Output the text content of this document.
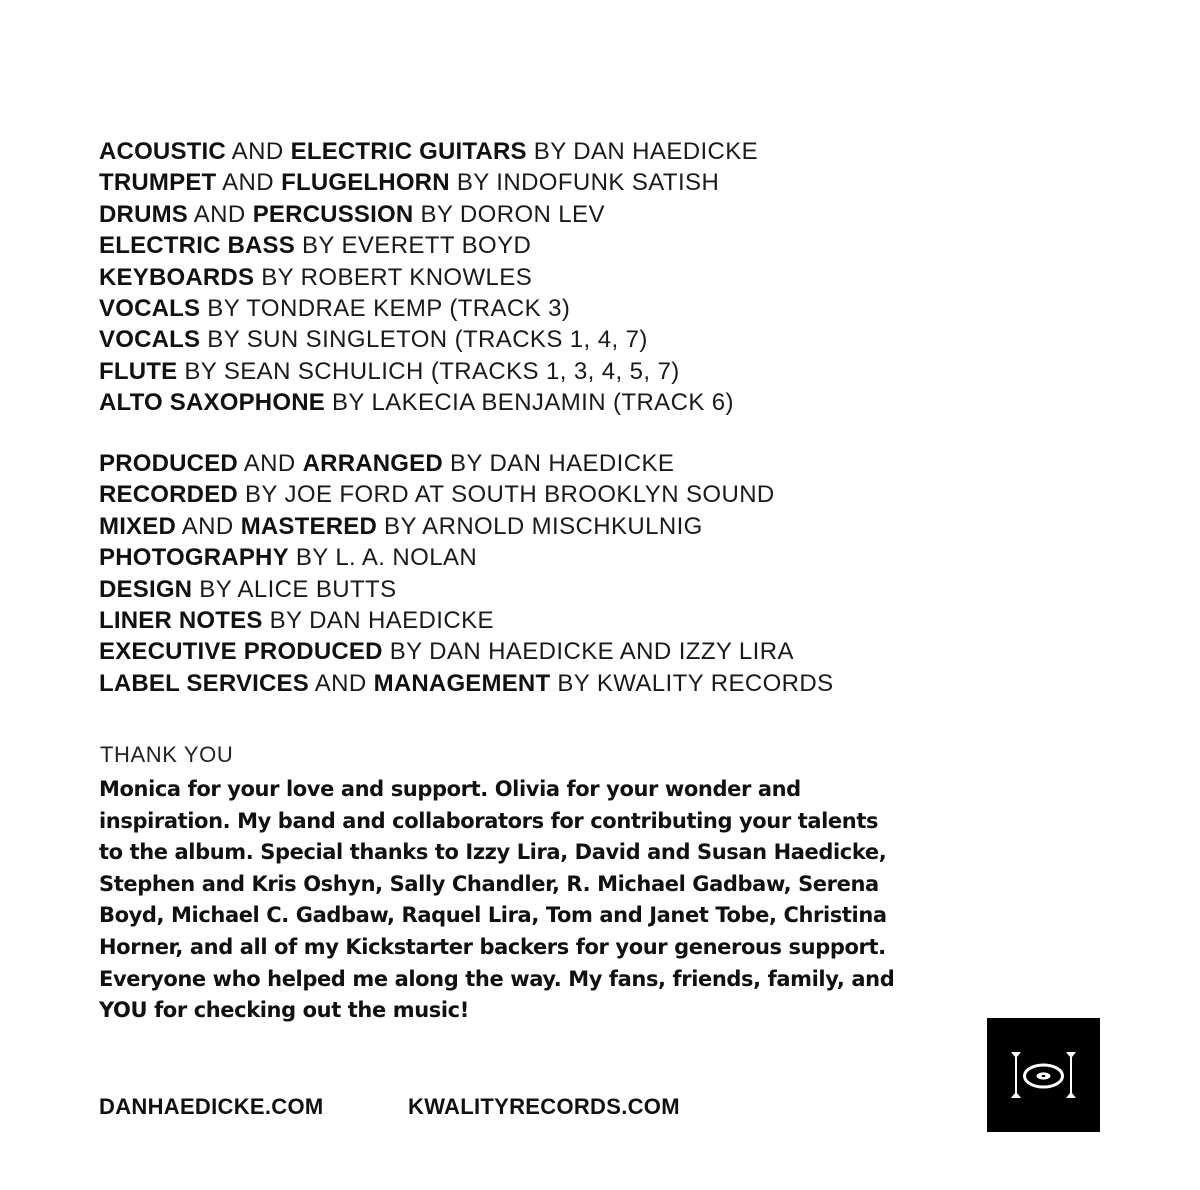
ACOUSTIC AND ELECTRIC GUITARS BY DAN HAEDICKE
TRUMPET AND FLUGELHORN BY INDOFUNK SATISH
DRUMS AND PERCUSSION BY DORON LEV
ELECTRIC BASS BY EVERETT BOYD
KEYBOARDS BY ROBERT KNOWLES
VOCALS BY TONDRAE KEMP (TRACK 3)
VOCALS BY SUN SINGLETON (TRACKS 1, 4, 7)
FLUTE BY SEAN SCHULICH (TRACKS 1, 3, 4, 5, 7)
ALTO SAXOPHONE BY LAKECIA BENJAMIN (TRACK 6)
PRODUCED AND ARRANGED BY DAN HAEDICKE
RECORDED BY JOE FORD AT SOUTH BROOKLYN SOUND
MIXED AND MASTERED BY ARNOLD MISCHKULNIG
PHOTOGRAPHY BY L. A. NOLAN
DESIGN BY ALICE BUTTS
LINER NOTES BY DAN HAEDICKE
EXECUTIVE PRODUCED BY DAN HAEDICKE AND IZZY LIRA
LABEL SERVICES AND MANAGEMENT BY KWALITY RECORDS
THANK YOU

Monica for your love and support. Olivia for your wonder and inspiration. My band and collaborators for contributing your talents to the album. Special thanks to Izzy Lira, David and Susan Haedicke, Stephen and Kris Oshyn, Sally Chandler, R. Michael Gadbaw, Serena Boyd, Michael C. Gadbaw, Raquel Lira, Tom and Janet Tobe, Christina Horner, and all of my Kickstarter backers for your generous support. Everyone who helped me along the way. My fans, friends, family, and YOU for checking out the music!

DANHAEDICKE.COM	KWALITYRECORDS.COM
